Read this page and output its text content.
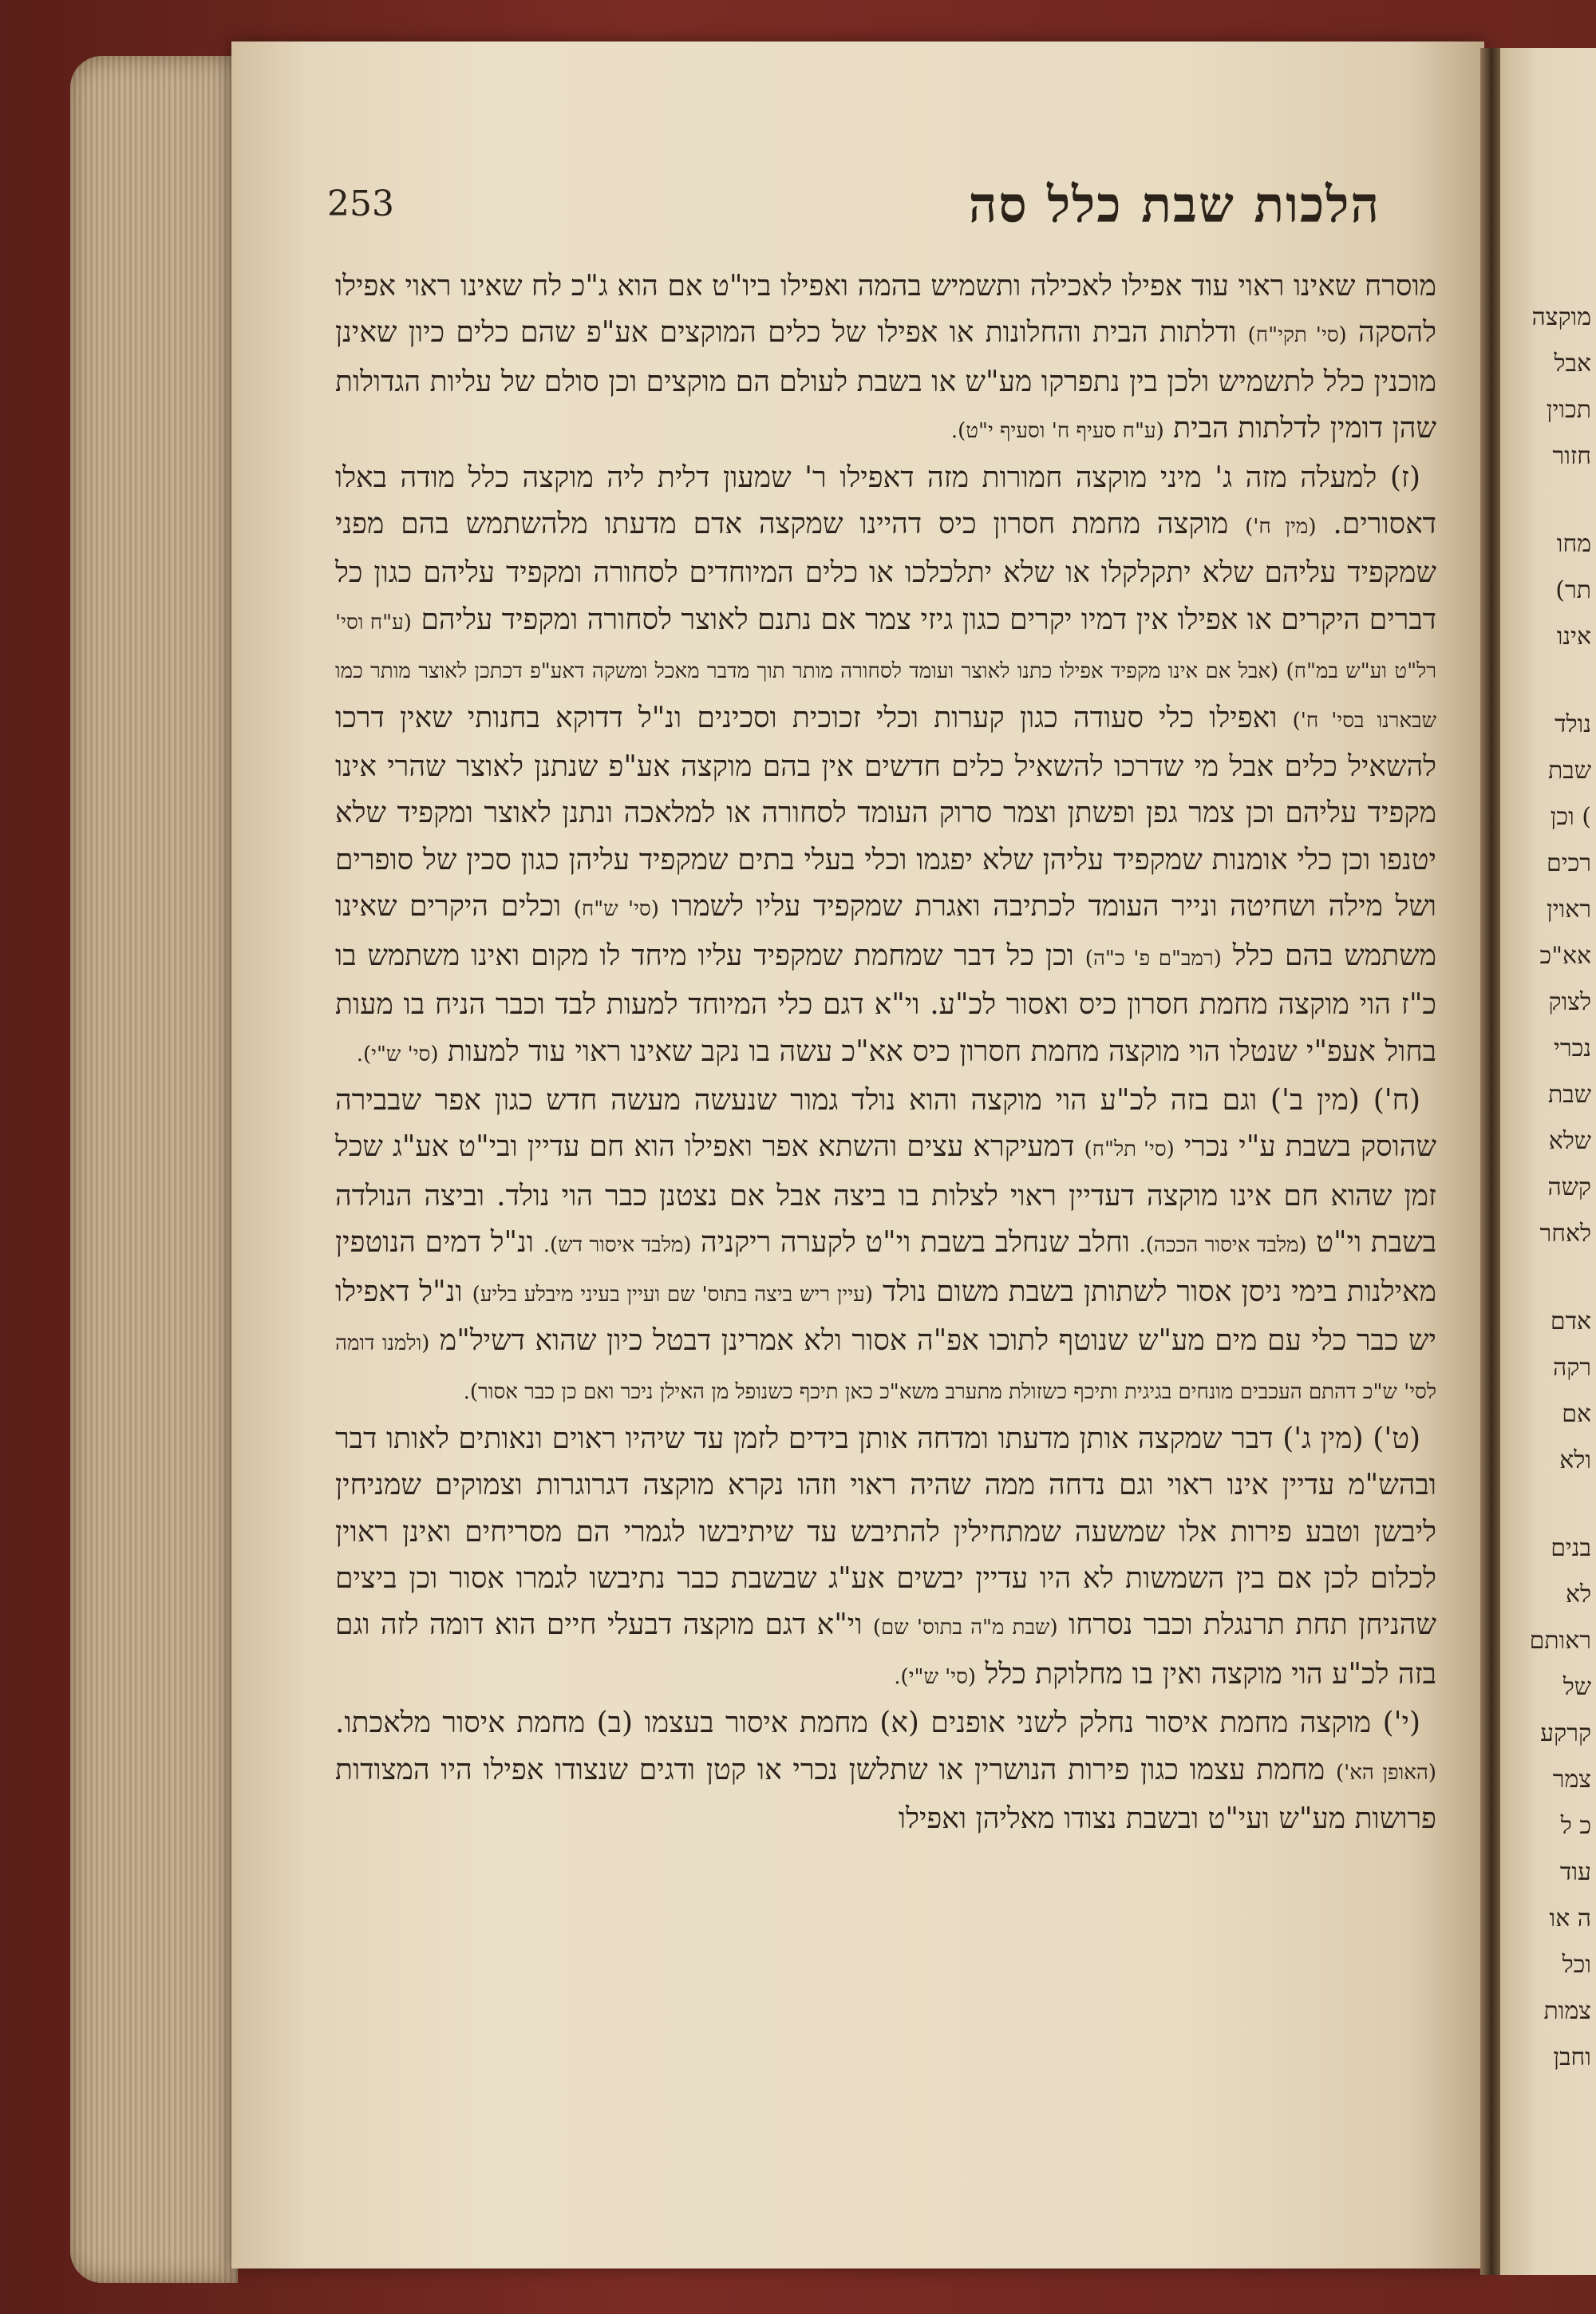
מוקצה
אבל
תכוין
חזור
מחו
תר)
אינו
נולד
שבת
) וכן
רכים
ראוין
אא"כ
לצוק
נכרי
שבת
שלא
קשה
לאחר
אדם
רקה
אם
ולא
בנים
לא
ראותם
של
קרקע
צמר
כ ל
עוד
ה או
וכל
צמות
וחבן
253	הלכות שבת כלל סה

מוסרח שאינו ראוי עוד אפילו לאכילה ותשמיש בהמה ואפילו ביו"ט אם הוא ג"כ לח שאינו ראוי אפילו להסקה (סי' תקי"ח) ודלתות הבית והחלונות או אפילו של כלים המוקצים אע"פ שהם כלים כיון שאינן מוכנין כלל לתשמיש ולכן בין נתפרקו מע"ש או בשבת לעולם הם מוקצים וכן סולם של עליות הגדולות שהן דומין לדלתות הבית (ע"ח סעיף ח' וסעיף י"ט).

(ז) למעלה מזה ג' מיני מוקצה חמורות מזה דאפילו ר' שמעון דלית ליה מוקצה כלל מודה באלו דאסורים. (מין ח') מוקצה מחמת חסרון כיס דהיינו שמקצה אדם מדעתו מלהשתמש בהם מפני שמקפיד עליהם שלא יתקלקלו או שלא יתלכלכו או כלים המיוחדים לסחורה ומקפיד עליהם כגון כל דברים היקרים או אפילו אין דמיו יקרים כגון גיזי צמר אם נתנם לאוצר לסחורה ומקפיד עליהם (ע"ח וסי' רל"ט וע"ש במ"ח) (אבל אם אינו מקפיד אפילו כתנו לאוצר ועומד לסחורה מותר תוך מדבר מאכל ומשקה דאע"פ דכתכן לאוצר מותר כמו שבארנו בסי' ח') ואפילו כלי סעודה כגון קערות וכלי זכוכית וסכינים ונ"ל דדוקא בחנותי שאין דרכו להשאיל כלים אבל מי שדרכו להשאיל כלים חדשים אין בהם מוקצה אע"פ שנתנן לאוצר שהרי אינו מקפיד עליהם וכן צמר גפן ופשתן וצמר סרוק העומד לסחורה או למלאכה ונתנן לאוצר ומקפיד שלא יטנפו וכן כלי אומנות שמקפיד עליהן שלא יפגמו וכלי בעלי בתים שמקפיד עליהן כגון סכין של סופרים ושל מילה ושחיטה ונייר העומד לכתיבה ואגרת שמקפיד עליו לשמרו (סי' ש"ח) וכלים היקרים שאינו משתמש בהם כלל (רמב"ם פ' כ"ה) וכן כל דבר שמחמת שמקפיד עליו מיחד לו מקום ואינו משתמש בו כ"ז הוי מוקצה מחמת חסרון כיס ואסור לכ"ע. וי"א דגם כלי המיוחד למעות לבד וכבר הניח בו מעות בחול אעפ"י שנטלו הוי מוקצה מחמת חסרון כיס אא"כ עשה בו נקב שאינו ראוי עוד למעות (סי' ש"י).

(ח') (מין ב') וגם בזה לכ"ע הוי מוקצה והוא נולד גמור שנעשה מעשה חדש כגון אפר שבבירה שהוסק בשבת ע"י נכרי (סי' תל"ח) דמעיקרא עצים והשתא אפר ואפילו הוא חם עדיין ובי"ט אע"ג שכל זמן שהוא חם אינו מוקצה דעדיין ראוי לצלות בו ביצה אבל אם נצטנן כבר הוי נולד. וביצה הנולדה בשבת וי"ט (מלבד איסור הככה). וחלב שנחלב בשבת וי"ט לקערה ריקניה (מלבד איסור דש). ונ"ל דמים הנוטפין מאילנות בימי ניסן אסור לשתותן בשבת משום נולד (עיין ריש ביצה בתוס' שם ועיין בעיני מיבלע בליע) ונ"ל דאפילו יש כבר כלי עם מים מע"ש שנוטף לתוכו אפ"ה אסור ולא אמרינן דבטל כיון שהוא דשיל"מ (ולמנו דומה לסי' ש"כ דהתם העכבים מונחים בגיגית ותיכף כשזולת מתערב משא"כ כאן תיכף כשנופל מן האילן ניכר ואם כן כבר אסור).

(ט') (מין ג') דבר שמקצה אותן מדעתו ומדחה אותן בידים לזמן עד שיהיו ראוים ונאותים לאותו דבר ובהש"מ עדיין אינו ראוי וגם נדחה ממה שהיה ראוי וזהו נקרא מוקצה דגרוגרות וצמוקים שמניחין ליבשן וטבע פירות אלו שמשעה שמתחילין להתיבש עד שיתיבשו לגמרי הם מסריחים ואינן ראוין לכלום לכן אם בין השמשות לא היו עדיין יבשים אע"ג שבשבת כבר נתיבשו לגמרו אסור וכן ביצים שהניחן תחת תרנגלת וכבר נסרחו (שבת מ"ה בתוס' שם) וי"א דגם מוקצה דבעלי חיים הוא דומה לזה וגם בזה לכ"ע הוי מוקצה ואין בו מחלוקת כלל (סי' ש"י).

(י') מוקצה מחמת איסור נחלק לשני אופנים (א) מחמת איסור בעצמו (ב) מחמת איסור מלאכתו. (האופן הא') מחמת עצמו כגון פירות הנושרין או שתלשן נכרי או קטן ודגים שנצודו אפילו היו המצודות פרושות מע"ש ועי"ט ובשבת נצודו מאליהן ואפילו
